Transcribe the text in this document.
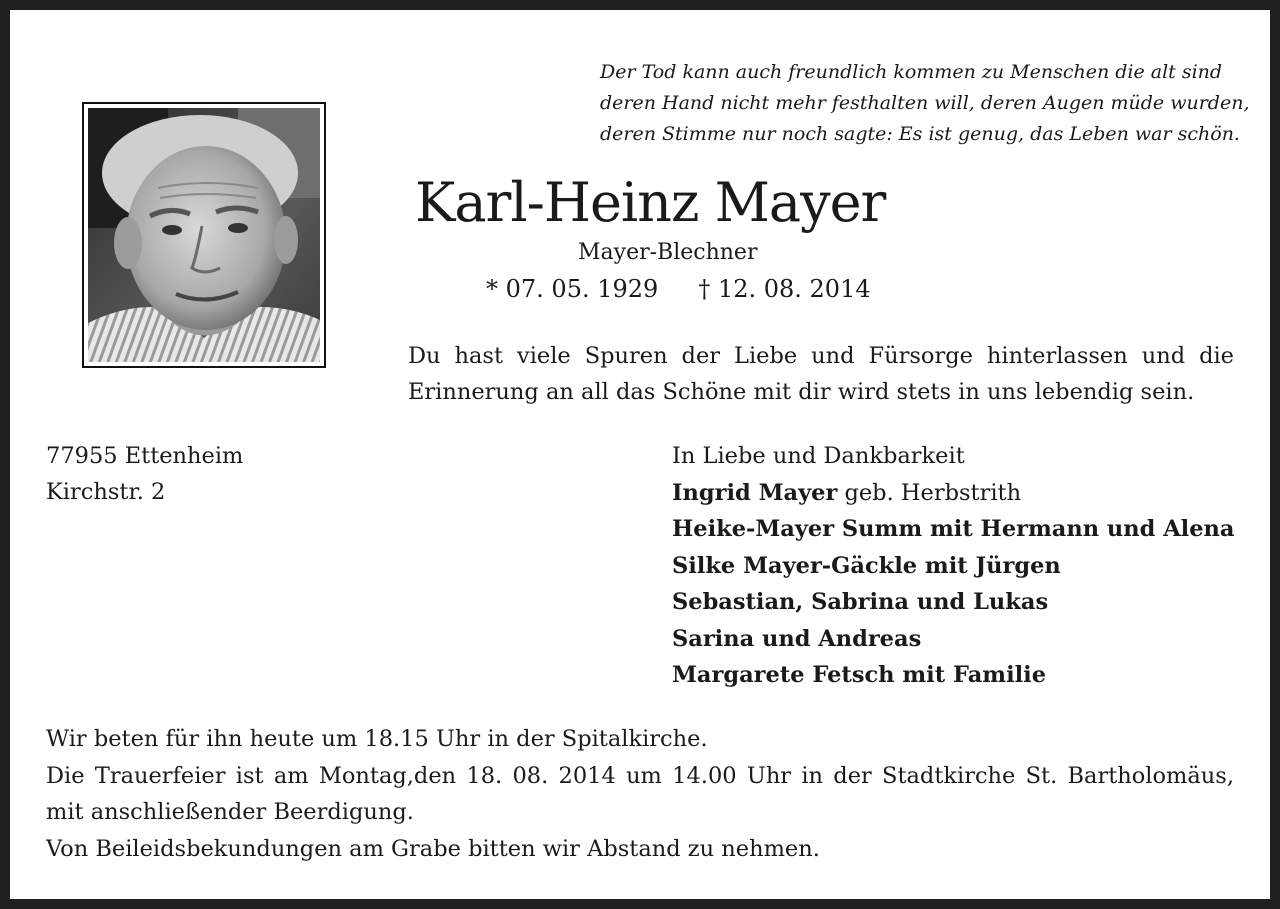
Der Tod kann auch freundlich kommen zu Menschen die alt sind
deren Hand nicht mehr festhalten will, deren Augen müde wurden,
deren Stimme nur noch sagte: Es ist genug, das Leben war schön.
Karl-Heinz Mayer
Mayer-Blechner
* 07. 05. 1929 † 12. 08. 2014
Du hast viele Spuren der Liebe und Fürsorge hinterlassen und die
Erinnerung an all das Schöne mit dir wird stets in uns lebendig sein.
77955 Ettenheim
Kirchstr. 2
In Liebe und Dankbarkeit
Ingrid Mayer geb. Herbstrith
Heike-Mayer Summ mit Hermann und Alena
Silke Mayer-Gäckle mit Jürgen
Sebastian, Sabrina und Lukas
Sarina und Andreas
Margarete Fetsch mit Familie
Wir beten für ihn heute um 18.15 Uhr in der Spitalkirche.
Die Trauerfeier ist am Montag,den 18. 08. 2014 um 14.00 Uhr in der Stadtkirche St. Bartholomäus,
mit anschließender Beerdigung.
Von Beileidsbekundungen am Grabe bitten wir Abstand zu nehmen.
